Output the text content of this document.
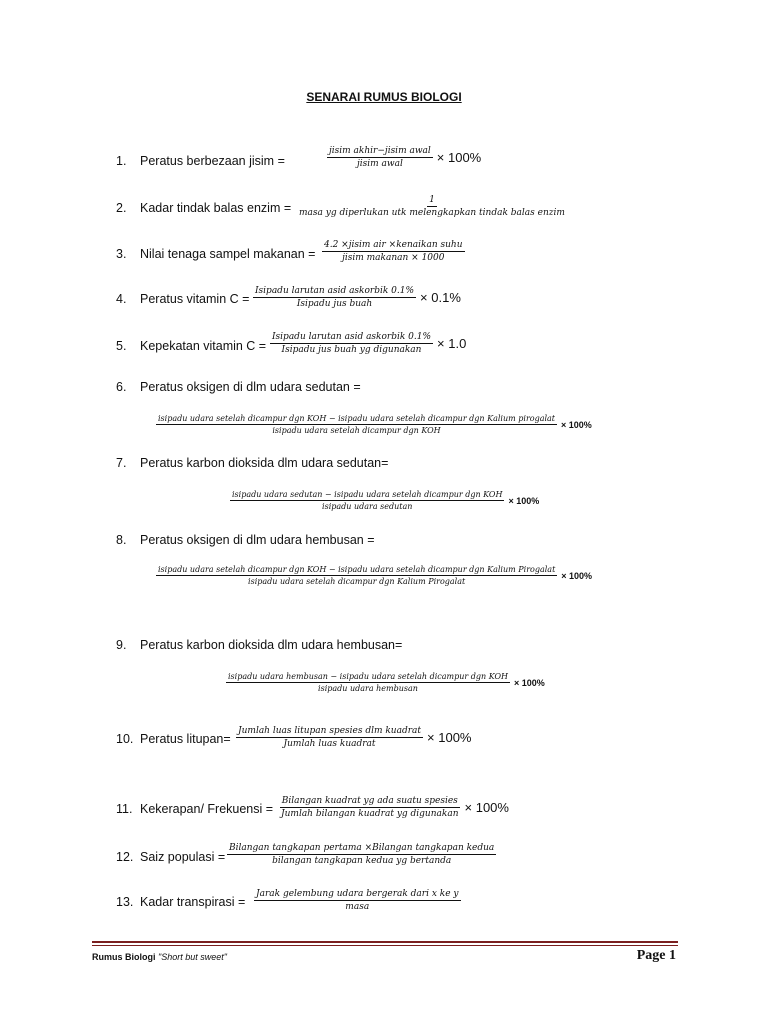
SENARAI RUMUS BIOLOGI
1. Peratus berbezaan jisim =	$\frac{\text{jisim akhir−jisim awal}}{\text{jisim awal}} \times 100\%$
2. Kadar tindak balas enzim = $\frac{1}{\text{masa yg diperlukan utk melengkapkan tindak balas enzim}}$
3. Nilai tenaga sampel makanan = $\frac{\text{4.2 ×jisim air ×kenaikan suhu}}{\text{jisim makanan × 1000}}$
4. Peratus vitamin $C = \frac{\text{Isipadu larutan asid askorbik 0.1\%}}{\text{Isipadu jus buah}} \times 0.1\%$
5. Kepekatan vitamin $C = \frac{\text{Isipadu larutan asid askorbik 0.1\%}}{\text{Isipadu jus buah yg digunakan}} \times 1.0$
6. Peratus oksigen di dlm udara sedutan =
isipadu udara setelah dicampur dgn KOH − isipadu udara setelah dicampur dgn Kalium pirogalat
isipadu udara setelah dicampur dgn KOH
× 100%
7. Peratus karbon dioksida dlm udara sedutan=
isipadu udara sedutan − isipadu udara setelah dicampur dgn KOH
isipadu udara sedutan
× 100%
8. Peratus oksigen di dlm udara hembusan =
isipadu udara setelah dicampur dgn KOH − isipadu udara setelah dicampur dgn Kalium Pirogalat
isipadu udara setelah dicampur dgn Kalium Pirogalat
× 100%
9. Peratus karbon dioksida dlm udara hembusan=
isipadu udara hembusan − isipadu udara setelah dicampur dgn KOH
isipadu udara hembusan
× 100%
10. Peratus litupan= $\frac{\text{Jumlah luas litupan spesies dlm kuadrat}}{\text{Jumlah luas kuadrat}} \times 100\%$
11. Kekerapan/ Frekuensi = $\frac{\text{Bilangan kuadrat yg ada suatu spesies}}{\text{Jumlah bilangan kuadrat yg digunakan}} \times 100\%$
12. Saiz populasi = $\frac{\text{Bilangan tangkapan pertama ×Bilangan tangkapan kedua}}{\text{bilangan tangkapan kedua yg bertanda}}$
13. Kadar transpirasi = $\frac{\text{Jarak gelembung udara bergerak dari x ke y}}{\text{masa}}$
Rumus Biologi "Short but sweet"	Page 1
